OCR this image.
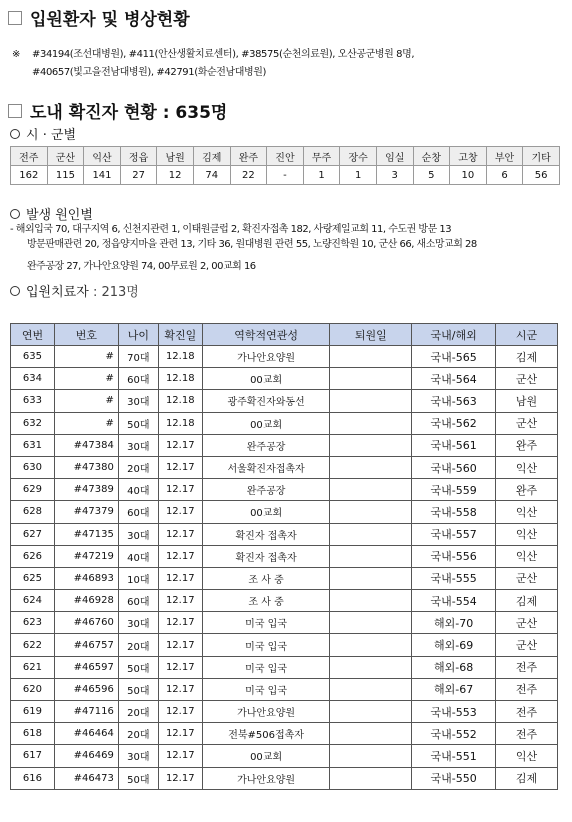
입원환자 및 병상현황
※ #34194(조선대병원), #411(안산생활치료센터), #38575(순천의료원), 오산공군병원 8명,
#40657(빛고을전남대병원), #42791(화순전남대병원)
도내 확진자 현황 : 635명
시 · 군별
전주	군산	익산	정읍	남원	김제	완주	진안	무주	장수	임실	순창	고창	부안	기타
162	115	141	27	12	74	22	-	1	1	3	5	10	6	56
발생 원인별
- 해외입국 70, 대구지역 6, 신천지관련 1, 이태원클럽 2, 확진자접촉 182, 사랑제일교회 11, 수도권 방문 13
방문판매관련 20, 정읍양지마을 관련 13, 기타 36, 원대병원 관련 55, 노량진학원 10, 군산 66, 새소망교회 28
완주공장 27, 가나안요양원 74, 00무료원 2, 00교회 16
입원치료자
: 213명
연번	번호	나이	확진일	역학적연관성	퇴원일	국내/해외	시군
635	#	70대	12.18	가나안요양원		국내-565	김제
634	#	60대	12.18	00교회		국내-564	군산
633	#	30대	12.18	광주확진자와동선		국내-563	남원
632	#	50대	12.18	00교회		국내-562	군산
631	#47384	30대	12.17	완주공장		국내-561	완주
630	#47380	20대	12.17	서울확진자접촉자		국내-560	익산
629	#47389	40대	12.17	완주공장		국내-559	완주
628	#47379	60대	12.17	00교회		국내-558	익산
627	#47135	30대	12.17	확진자 접촉자		국내-557	익산
626	#47219	40대	12.17	확진자 접촉자		국내-556	익산
625	#46893	10대	12.17	조 사 중		국내-555	군산
624	#46928	60대	12.17	조 사 중		국내-554	김제
623	#46760	30대	12.17	미국 입국		해외-70	군산
622	#46757	20대	12.17	미국 입국		해외-69	군산
621	#46597	50대	12.17	미국 입국		해외-68	전주
620	#46596	50대	12.17	미국 입국		해외-67	전주
619	#47116	20대	12.17	가나안요양원		국내-553	전주
618	#46464	20대	12.17	전북#506접촉자		국내-552	전주
617	#46469	30대	12.17	00교회		국내-551	익산
616	#46473	50대	12.17	가나안요양원		국내-550	김제
